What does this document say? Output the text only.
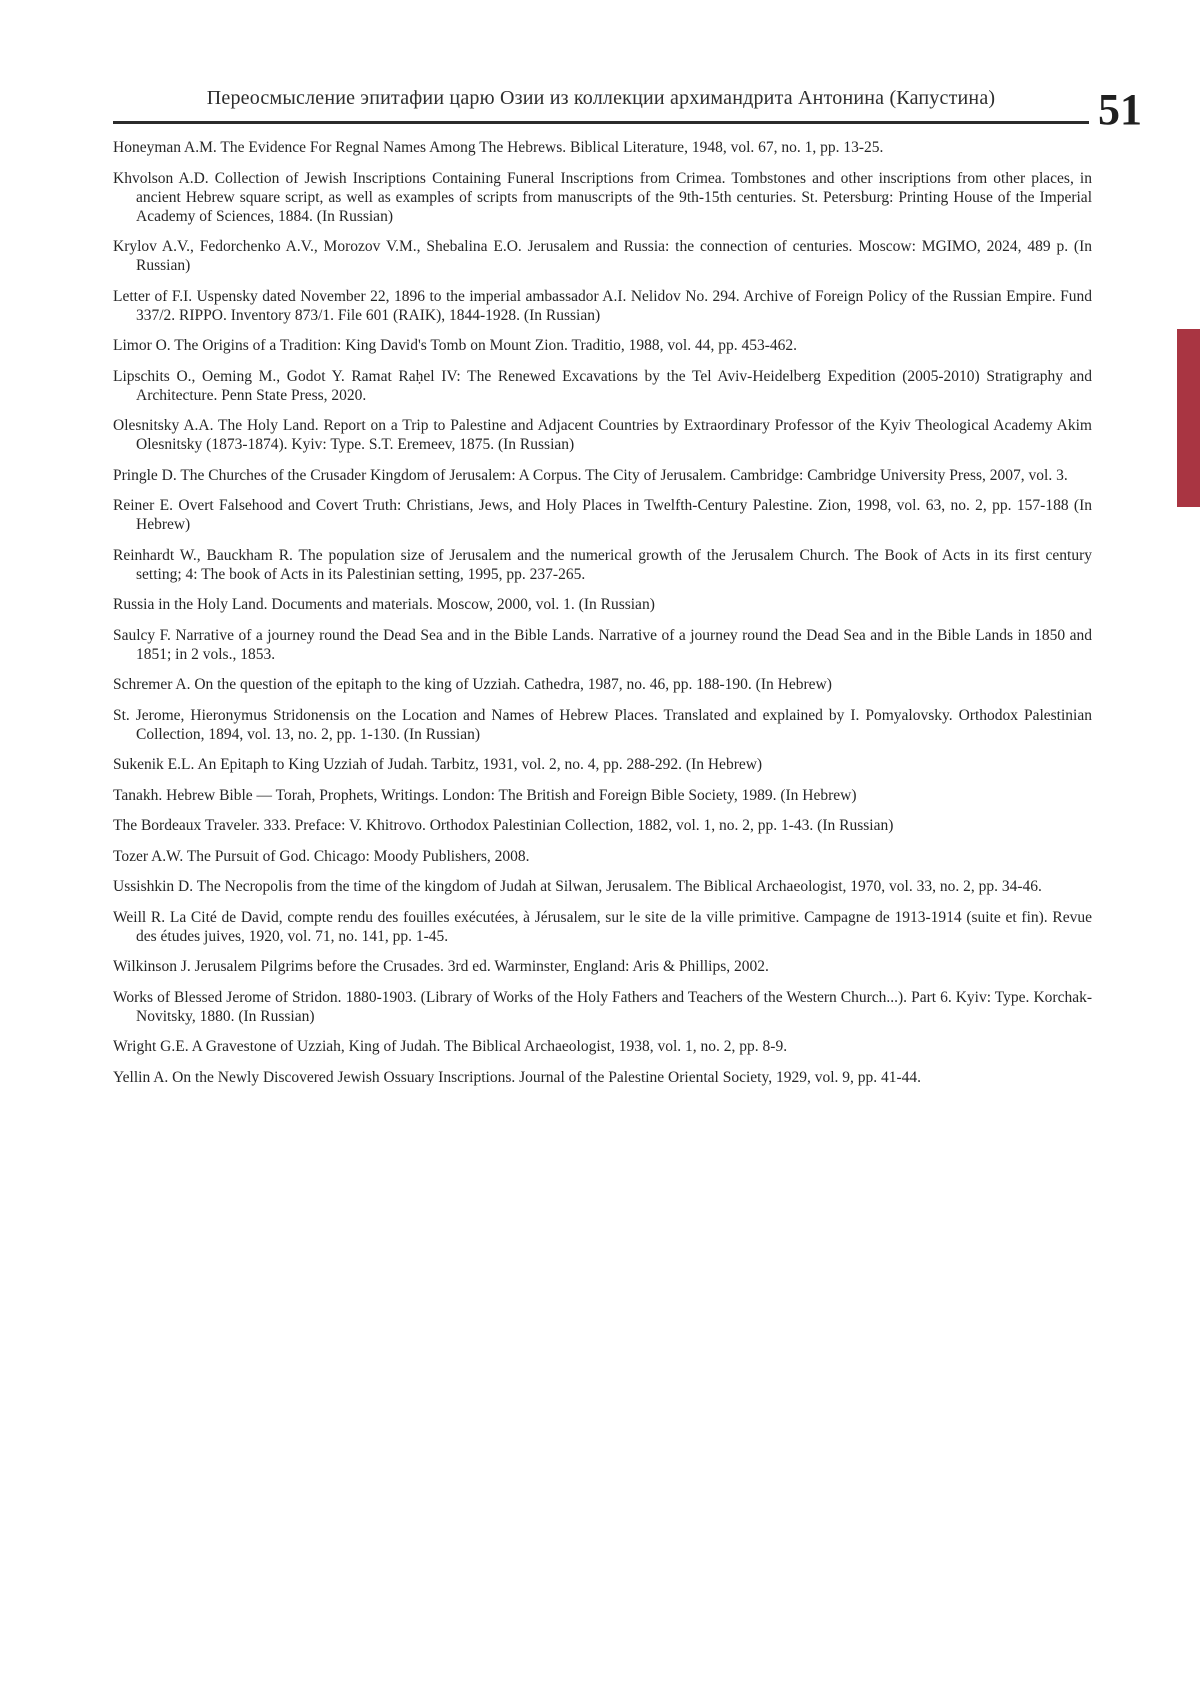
Переосмысление эпитафии царю Озии из коллекции архимандрита Антонина (Капустина)	51

Honeyman A.M. The Evidence For Regnal Names Among The Hebrews. Biblical Literature, 1948, vol. 67, no. 1, pp. 13-25.

Khvolson A.D. Collection of Jewish Inscriptions Containing Funeral Inscriptions from Crimea. Tombstones and other inscriptions from other places, in ancient Hebrew square script, as well as examples of scripts from manuscripts of the 9th-15th centuries. St. Petersburg: Printing House of the Imperial Academy of Sciences, 1884. (In Russian)

Krylov A.V., Fedorchenko A.V., Morozov V.M., Shebalina E.O. Jerusalem and Russia: the connection of centuries. Moscow: MGIMO, 2024, 489 p. (In Russian)

Letter of F.I. Uspensky dated November 22, 1896 to the imperial ambassador A.I. Nelidov No. 294. Archive of Foreign Policy of the Russian Empire. Fund 337/2. RIPPO. Inventory 873/1. File 601 (RAIK), 1844-1928. (In Russian)

Limor O. The Origins of a Tradition: King David's Tomb on Mount Zion. Traditio, 1988, vol. 44, pp. 453-462.

Lipschits O., Oeming M., Godot Y. Ramat Raḥel IV: The Renewed Excavations by the Tel Aviv-Heidelberg Expedition (2005-2010) Stratigraphy and Architecture. Penn State Press, 2020.

Olesnitsky A.A. The Holy Land. Report on a Trip to Palestine and Adjacent Countries by Extraordinary Professor of the Kyiv Theological Academy Akim Olesnitsky (1873-1874). Kyiv: Type. S.T. Eremeev, 1875. (In Russian)

Pringle D. The Churches of the Crusader Kingdom of Jerusalem: A Corpus. The City of Jerusalem. Cambridge: Cambridge University Press, 2007, vol. 3.

Reiner E. Overt Falsehood and Covert Truth: Christians, Jews, and Holy Places in Twelfth-Century Palestine. Zion, 1998, vol. 63, no. 2, pp. 157-188 (In Hebrew)

Reinhardt W., Bauckham R. The population size of Jerusalem and the numerical growth of the Jerusalem Church. The Book of Acts in its first century setting; 4: The book of Acts in its Palestinian setting, 1995, pp. 237-265.

Russia in the Holy Land. Documents and materials. Moscow, 2000, vol. 1. (In Russian)

Saulcy F. Narrative of a journey round the Dead Sea and in the Bible Lands. Narrative of a journey round the Dead Sea and in the Bible Lands in 1850 and 1851; in 2 vols., 1853.

Schremer A. On the question of the epitaph to the king of Uzziah. Cathedra, 1987, no. 46, pp. 188-190. (In Hebrew)

St. Jerome, Hieronymus Stridonensis on the Location and Names of Hebrew Places. Translated and explained by I. Pomyalovsky. Orthodox Palestinian Collection, 1894, vol. 13, no. 2, pp. 1-130. (In Russian)

Sukenik E.L. An Epitaph to King Uzziah of Judah. Tarbitz, 1931, vol. 2, no. 4, pp. 288-292. (In Hebrew)

Tanakh. Hebrew Bible — Torah, Prophets, Writings. London: The British and Foreign Bible Society, 1989. (In Hebrew)

The Bordeaux Traveler. 333. Preface: V. Khitrovo. Orthodox Palestinian Collection, 1882, vol. 1, no. 2, pp. 1-43. (In Russian)

Tozer A.W. The Pursuit of God. Chicago: Moody Publishers, 2008.

Ussishkin D. The Necropolis from the time of the kingdom of Judah at Silwan, Jerusalem. The Biblical Archaeologist, 1970, vol. 33, no. 2, pp. 34-46.

Weill R. La Cité de David, compte rendu des fouilles exécutées, à Jérusalem, sur le site de la ville primitive. Campagne de 1913-1914 (suite et fin). Revue des études juives, 1920, vol. 71, no. 141, pp. 1-45.

Wilkinson J. Jerusalem Pilgrims before the Crusades. 3rd ed. Warminster, England: Aris & Phillips, 2002.

Works of Blessed Jerome of Stridon. 1880-1903. (Library of Works of the Holy Fathers and Teachers of the Western Church...). Part 6. Kyiv: Type. Korchak-Novitsky, 1880. (In Russian)

Wright G.E. A Gravestone of Uzziah, King of Judah. The Biblical Archaeologist, 1938, vol. 1, no. 2, pp. 8-9.

Yellin A. On the Newly Discovered Jewish Ossuary Inscriptions. Journal of the Palestine Oriental Society, 1929, vol. 9, pp. 41-44.
